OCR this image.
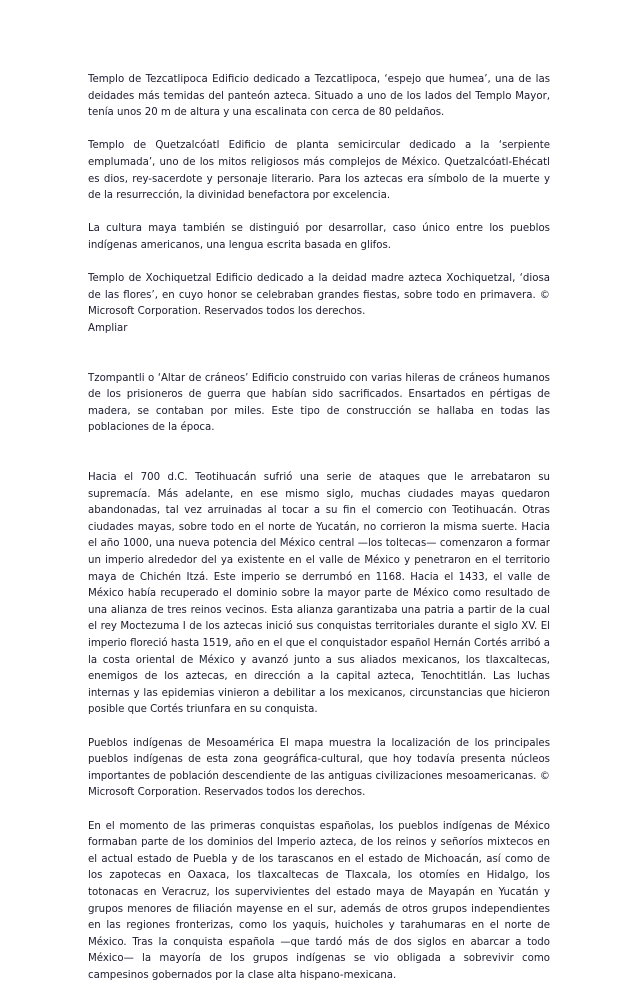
Templo de Tezcatlipoca Edificio dedicado a Tezcatlipoca, ‘espejo que humea’, una de las deidades más temidas del panteón azteca. Situado a uno de los lados del Templo Mayor, tenía unos 20 m de altura y una escalinata con cerca de 80 peldaños.

Templo de Quetzalcóatl Edificio de planta semicircular dedicado a la ‘serpiente emplumada’, uno de los mitos religiosos más complejos de México. Quetzalcóatl-Ehécatl es dios, rey-sacerdote y personaje literario. Para los aztecas era símbolo de la muerte y de la resurrección, la divinidad benefactora por excelencia.

La cultura maya también se distinguió por desarrollar, caso único entre los pueblos indígenas americanos, una lengua escrita basada en glifos.

Templo de Xochiquetzal Edificio dedicado a la deidad madre azteca Xochiquetzal, ‘diosa de las flores’, en cuyo honor se celebraban grandes fiestas, sobre todo en primavera. © Microsoft Corporation. Reservados todos los derechos.

Ampliar

Tzompantli o ‘Altar de cráneos’ Edificio construido con varias hileras de cráneos humanos de los prisioneros de guerra que habían sido sacrificados. Ensartados en pértigas de madera, se contaban por miles. Este tipo de construcción se hallaba en todas las poblaciones de la época.

Hacia el 700 d.C. Teotihuacán sufrió una serie de ataques que le arrebataron su supremacía. Más adelante, en ese mismo siglo, muchas ciudades mayas quedaron abandonadas, tal vez arruinadas al tocar a su fin el comercio con Teotihuacán. Otras ciudades mayas, sobre todo en el norte de Yucatán, no corrieron la misma suerte. Hacia el año 1000, una nueva potencia del México central —los toltecas— comenzaron a formar un imperio alrededor del ya existente en el valle de México y penetraron en el territorio maya de Chichén Itzá. Este imperio se derrumbó en 1168. Hacia el 1433, el valle de México había recuperado el dominio sobre la mayor parte de México como resultado de una alianza de tres reinos vecinos. Esta alianza garantizaba una patria a partir de la cual el rey Moctezuma I de los aztecas inició sus conquistas territoriales durante el siglo XV. El imperio floreció hasta 1519, año en el que el conquistador español Hernán Cortés arribó a la costa oriental de México y avanzó junto a sus aliados mexicanos, los tlaxcaltecas, enemigos de los aztecas, en dirección a la capital azteca, Tenochtitlán. Las luchas internas y las epidemias vinieron a debilitar a los mexicanos, circunstancias que hicieron posible que Cortés triunfara en su conquista.

Pueblos indígenas de Mesoamérica El mapa muestra la localización de los principales pueblos indígenas de esta zona geográfica-cultural, que hoy todavía presenta núcleos importantes de población descendiente de las antiguas civilizaciones mesoamericanas. © Microsoft Corporation. Reservados todos los derechos.

En el momento de las primeras conquistas españolas, los pueblos indígenas de México formaban parte de los dominios del Imperio azteca, de los reinos y señoríos mixtecos en el actual estado de Puebla y de los tarascanos en el estado de Michoacán, así como de los zapotecas en Oaxaca, los tlaxcaltecas de Tlaxcala, los otomíes en Hidalgo, los totonacas en Veracruz, los supervivientes del estado maya de Mayapán en Yucatán y grupos menores de filiación mayense en el sur, además de otros grupos independientes en las regiones fronterizas, como los yaquis, huicholes y tarahumaras en el norte de México. Tras la conquista española —que tardó más de dos siglos en abarcar a todo México— la mayoría de los grupos indígenas se vio obligada a sobrevivir como campesinos gobernados por la clase alta hispano-mexicana.
